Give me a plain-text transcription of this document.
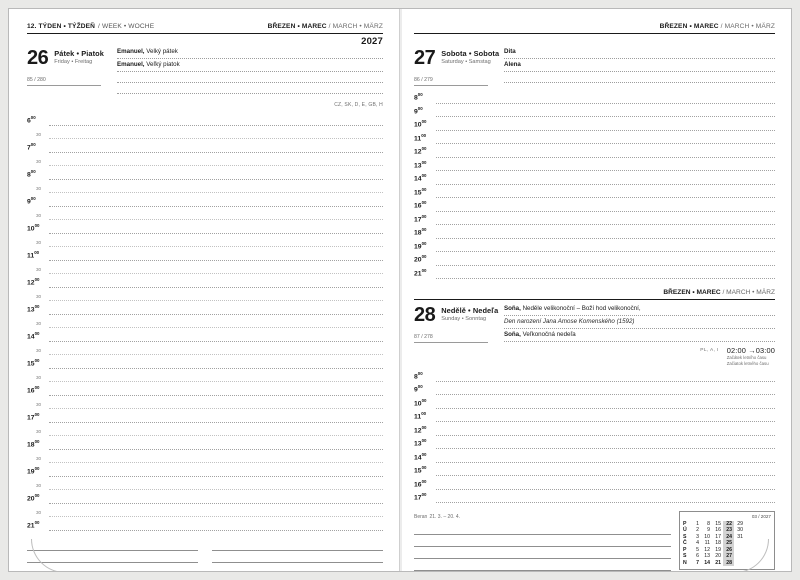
12. TÝDEN • TÝŽDEŇ / WEEK • WOCHE	BŘEZEN • MAREC / MARCH • MÄRZ
2027
26 Pátek • Piatok
Friday • Freitag
85 / 280
Emanuel, Velký pátek
Emanuel, Veľký piatok
CZ, SK, D, E, GB, H
$6^{00}$
30
$7^{00}$
30
$8^{00}$
30
$9^{00}$
30
$10^{00}$
30
$11^{00}$
30
$12^{00}$
30
$13^{00}$
30
$14^{00}$
30
$15^{00}$
30
$16^{00}$
30
$17^{00}$
30
$18^{00}$
30
$19^{00}$
30
$20^{00}$
30
$21^{00}$
BŘEZEN • MAREC / MARCH • MÄRZ
27 Sobota • Sobota
Saturday • Samstag
86 / 279
Dita
Alena
$8^{00}$
$9^{00}$
$10^{00}$
$11^{00}$
$12^{00}$
$13^{00}$
$14^{00}$
$15^{00}$
$16^{00}$
$17^{00}$
$18^{00}$
$19^{00}$
$20^{00}$
$21^{00}$
BŘEZEN • MAREC / MARCH • MÄRZ
28 Nedělě • Nedeľa
Sunday • Sonntag
87 / 278
Soňa, Neděle velikonoční – Boží hod velikonoční,
Den narození Jana Amose Komenského (1592)
Soňa, Veľkonočná nedeľa
PL, A, I 02:00 →03:00
Začátek letního času
Začiatok letného času
$8^{00}$
$9^{00}$
$10^{00}$
$11^{00}$
$12^{00}$
$13^{00}$
$14^{00}$
$15^{00}$
$16^{00}$
$17^{00}$
Beran 21. 3. – 20. 4.	03 / 2027
P	1	8	15	22	29
Ú	2	9	16	23	30
S	3	10	17	24	31
Č	4	11	18	25
P	5	12	19	26
S	6	13	20	27
N	7	14	21	28
